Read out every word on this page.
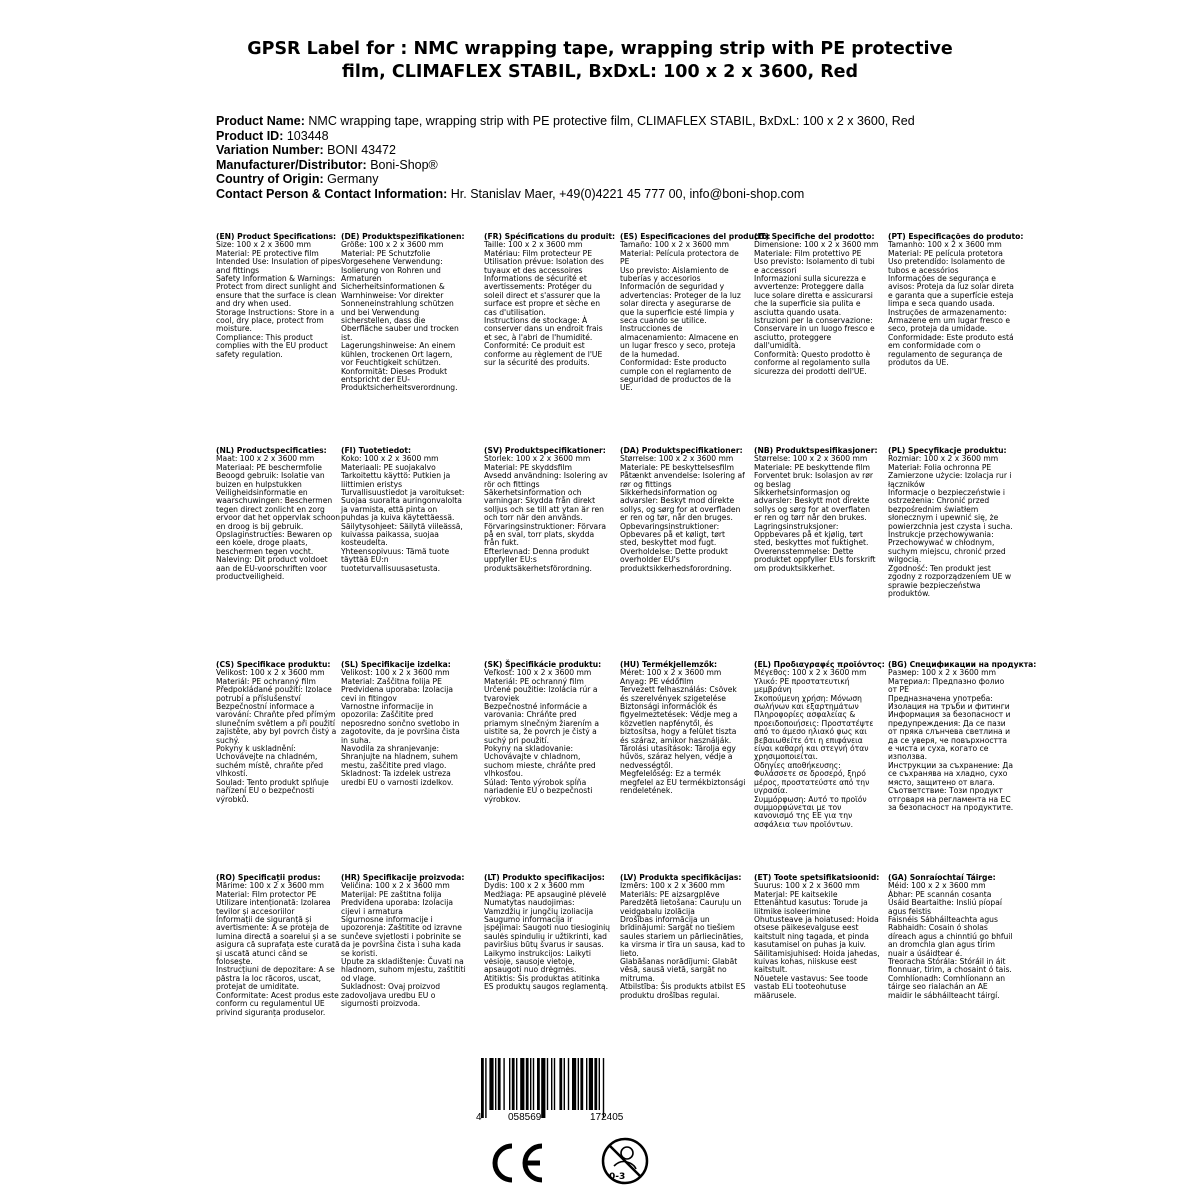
GPSR Label for : NMC wrapping tape, wrapping strip with PE protective film, CLIMAFLEX STABIL, BxDxL: 100 x 2 x 3600, Red
Product Name: NMC wrapping tape, wrapping strip with PE protective film, CLIMAFLEX STABIL, BxDxL: 100 x 2 x 3600, Red
Product ID: 103448
Variation Number: BONI 43472
Manufacturer/Distributor: Boni-Shop®
Country of Origin: Germany
Contact Person & Contact Information: Hr. Stanislav Maer, +49(0)4221 45 777 00, info@boni-shop.com
(EN) Product Specifications:
Size: 100 x 2 x 3600 mm
Material: PE protective film
Intended Use: Insulation of pipes and fittings
Safety Information & Warnings: Protect from direct sunlight and ensure that the surface is clean and dry when used.
Storage Instructions: Store in a cool, dry place, protect from moisture.
Compliance: This product complies with the EU product safety regulation.
(DE) Produktspezifikationen:
Größe: 100 x 2 x 3600 mm
Material: PE Schutzfolie
Vorgesehene Verwendung: Isolierung von Rohren und Armaturen
Sicherheitsinformationen & Warnhinweise: Vor direkter Sonneneinstrahlung schützen und bei Verwendung sicherstellen, dass die Oberfläche sauber und trocken ist.
Lagerungshinweise: An einem kühlen, trockenen Ort lagern, vor Feuchtigkeit schützen.
Konformität: Dieses Produkt entspricht der EU-Produktsicherheitsverordnung.
(FR) Spécifications du produit:
Taille: 100 x 2 x 3600 mm
Matériau: Film protecteur PE
Utilisation prévue: Isolation des tuyaux et des accessoires
Informations de sécurité et avertissements: Protéger du soleil direct et s'assurer que la surface est propre et sèche en cas d'utilisation.
Instructions de stockage: À conserver dans un endroit frais et sec, à l'abri de l'humidité.
Conformité: Ce produit est conforme au règlement de l'UE sur la sécurité des produits.
(ES) Especificaciones del producto:
Tamaño: 100 x 2 x 3600 mm
Material: Película protectora de PE
Uso previsto: Aislamiento de tuberías y accesorios
Información de seguridad y advertencias: Proteger de la luz solar directa y asegurarse de que la superficie esté limpia y seca cuando se utilice.
Instrucciones de almacenamiento: Almacene en un lugar fresco y seco, proteja de la humedad.
Conformidad: Este producto cumple con el reglamento de seguridad de productos de la UE.
(IT) Specifiche del prodotto:
Dimensione: 100 x 2 x 3600 mm
Materiale: Film protettivo PE
Uso previsto: Isolamento di tubi e accessori
Informazioni sulla sicurezza e avvertenze: Proteggere dalla luce solare diretta e assicurarsi che la superficie sia pulita e asciutta quando usata.
Istruzioni per la conservazione: Conservare in un luogo fresco e asciutto, proteggere dall'umidità.
Conformità: Questo prodotto è conforme al regolamento sulla sicurezza dei prodotti dell'UE.
(PT) Especificações do produto:
Tamanho: 100 x 2 x 3600 mm
Material: PE película protetora
Uso pretendido: Isolamento de tubos e acessórios
Informações de segurança e avisos: Proteja da luz solar direta e garanta que a superfície esteja limpa e seca quando usada.
Instruções de armazenamento: Armazene em um lugar fresco e seco, proteja da umidade.
Conformidade: Este produto está em conformidade com o regulamento de segurança de produtos da UE.
(NL) Productspecificaties:
Maat: 100 x 2 x 3600 mm
Materiaal: PE beschermfolie
Beoogd gebruik: Isolatie van buizen en hulpstukken
Veiligheidsinformatie en waarschuwingen: Beschermen tegen direct zonlicht en zorg ervoor dat het oppervlak schoon en droog is bij gebruik.
Opslaginstructies: Bewaren op een koele, droge plaats, beschermen tegen vocht.
Naleving: Dit product voldoet aan de EU-voorschriften voor productveiligheid.
(FI) Tuotetiedot:
Koko: 100 x 2 x 3600 mm
Materiaali: PE suojakalvo
Tarkoitettu käyttö: Putkien ja liittimien eristys
Turvallisuustiedot ja varoitukset: Suojaa suoralta auringonvalolta ja varmista, että pinta on puhdas ja kuiva käytettäessä.
Säilytysohjeet: Säilytä viileässä, kuivassa paikassa, suojaa kosteudelta.
Yhteensopivuus: Tämä tuote täyttää EU:n tuoteturvallisuusasetusta.
(SV) Produktspecifikationer:
Storlek: 100 x 2 x 3600 mm
Material: PE skyddsfilm
Avsedd användning: Isolering av rör och fittings
Säkerhetsinformation och varningar: Skydda från direkt solljus och se till att ytan är ren och torr när den används.
Förvaringsinstruktioner: Förvara på en sval, torr plats, skydda från fukt.
Efterlevnad: Denna produkt uppfyller EU:s produktsäkerhetsförordning.
(DA) Produktspecifikationer:
Størrelse: 100 x 2 x 3600 mm
Materiale: PE beskyttelsesfilm
Påtænkt anvendelse: Isolering af rør og fittings
Sikkerhedsinformation og advarsler: Beskyt mod direkte sollys, og sørg for at overfladen er ren og tør, når den bruges.
Opbevaringsinstruktioner: Opbevares på et køligt, tørt sted, beskyttet mod fugt.
Overholdelse: Dette produkt overholder EU's produktsikkerhedsforordning.
(NB) Produktspesifikasjoner:
Størrelse: 100 x 2 x 3600 mm
Materiale: PE beskyttende film
Forventet bruk: Isolasjon av rør og beslag
Sikkerhetsinformasjon og advarsler: Beskytt mot direkte sollys og sørg for at overflaten er ren og tørr når den brukes.
Lagringsinstruksjoner: Oppbevares på et kjølig, tørt sted, beskyttes mot fuktighet.
Overensstemmelse: Dette produktet oppfyller EUs forskrift om produktsikkerhet.
(PL) Specyfikacje produktu:
Rozmiar: 100 x 2 x 3600 mm
Materiał: Folia ochronna PE
Zamierzone użycie: Izolacja rur i łączników
Informacje o bezpieczeństwie i ostrzeżenia: Chronić przed bezpośrednim światłem słonecznym i upewnić się, że powierzchnia jest czysta i sucha.
Instrukcje przechowywania: Przechowywać w chłodnym, suchym miejscu, chronić przed wilgocią.
Zgodność: Ten produkt jest zgodny z rozporządzeniem UE w sprawie bezpieczeństwa produktów.
(CS) Specifikace produktu:
Velikost: 100 x 2 x 3600 mm
Materiál: PE ochranný film
Předpokládané použití: Izolace potrubí a příslušenství
Bezpečnostní informace a varování: Chraňte před přímým slunečním světlem a při použití zajistěte, aby byl povrch čistý a suchý.
Pokyny k uskladnění: Uchovávejte na chladném, suchém místě, chraňte před vlhkostí.
Soulad: Tento produkt splňuje nařízení EU o bezpečnosti výrobků.
(SL) Specifikacije izdelka:
Velikost: 100 x 2 x 3600 mm
Material: Zaščitna folija PE
Predvidena uporaba: Izolacija cevi in fitingov
Varnostne informacije in opozorila: Zaščitite pred neposredno sončno svetlobo in zagotovite, da je površina čista in suha.
Navodila za shranjevanje: Shranjujte na hladnem, suhem mestu, zaščitite pred vlago.
Skladnost: Ta izdelek ustreza uredbi EU o varnosti izdelkov.
(SK) Špecifikácie produktu:
Veľkosť: 100 x 2 x 3600 mm
Materiál: PE ochranný film
Určené použitie: Izolácia rúr a tvaroviek
Bezpečnostné informácie a varovania: Chráňte pred priamym slnečným žiarením a uistite sa, že povrch je čistý a suchý pri použití.
Pokyny na skladovanie: Uchovávajte v chladnom, suchom mieste, chráňte pred vlhkosťou.
Súlad: Tento výrobok spĺňa nariadenie EÚ o bezpečnosti výrobkov.
(HU) Termékjellemzők:
Méret: 100 x 2 x 3600 mm
Anyag: PE védőfilm
Tervezett felhasználás: Csövek és szerelvények szigetelése
Biztonsági információk és figyelmeztetések: Védje meg a közvetlen napfénytől, és biztosítsa, hogy a felület tiszta és száraz, amikor használják.
Tárolási utasítások: Tárolja egy hűvös, száraz helyen, védje a nedvességtől.
Megfelelőség: Ez a termék megfelel az EU termékbiztonsági rendeletének.
(EL) Προδιαγραφές προϊόντος:
Μέγεθος: 100 x 2 x 3600 mm
Υλικό: PE προστατευτική μεμβράνη
Σκοπούμενη χρήση: Μόνωση σωλήνων και εξαρτημάτων
Πληροφορίες ασφαλείας & προειδοποιήσεις: Προστατέψτε από το άμεσο ηλιακό φως και βεβαιωθείτε ότι η επιφάνεια είναι καθαρή και στεγνή όταν χρησιμοποιείται.
Οδηγίες αποθήκευσης: Φυλάσσετε σε δροσερό, ξηρό μέρος, προστατεύστε από την υγρασία.
Συμμόρφωση: Αυτό το προϊόν συμμορφώνεται με τον κανονισμό της ΕΕ για την ασφάλεια των προϊόντων.
(BG) Спецификации на продукта:
Размер: 100 x 2 x 3600 mm
Материал: Предпазно фолио от PE
Предназначена употреба: Изолация на тръби и фитинги
Информация за безопасност и предупреждения: Да се пази от пряка слънчева светлина и да се уверя, че повърхността е чиста и суха, когато се използва.
Инструкции за съхранение: Да се съхранява на хладно, сухо място, защитено от влага.
Съответствие: Този продукт отговаря на регламента на ЕС за безопасност на продуктите.
(RO) Specificații produs:
Mărime: 100 x 2 x 3600 mm
Material: Film protector PE
Utilizare intenționată: Izolarea țevilor și accesoriilor
Informații de siguranță și avertismente: A se proteja de lumina directă a soarelui și a se asigura că suprafața este curată și uscată atunci când se folosește.
Instrucțiuni de depozitare: A se păstra la loc răcoros, uscat, protejat de umiditate.
Conformitate: Acest produs este conform cu regulamentul UE privind siguranța produselor.
(HR) Specifikacije proizvoda:
Veličina: 100 x 2 x 3600 mm
Materijal: PE zaštitna folija
Predviđena uporaba: Izolacija cijevi i armatura
Sigurnosne informacije i upozorenja: Zaštitite od izravne sunčeve svjetlosti i pobrinite se da je površina čista i suha kada se koristi.
Upute za skladištenje: Čuvati na hladnom, suhom mjestu, zaštititi od vlage.
Sukladnost: Ovaj proizvod zadovoljava uredbu EU o sigurnosti proizvoda.
(LT) Produkto specifikacijos:
Dydis: 100 x 2 x 3600 mm
Medžiaga: PE apsauginė plėvelė
Numatytas naudojimas: Vamzdžių ir jungčių izoliacija
Saugumo informacija ir įspėjimai: Saugoti nuo tiesioginių saulės spindulių ir užtikrinti, kad paviršius būtų švarus ir sausas.
Laikymo instrukcijos: Laikyti vėsioje, sausoje vietoje, apsaugoti nuo drėgmės.
Atitiktis: Šis produktas atitinka ES produktų saugos reglamentą.
(LV) Produkta specifikācijas:
Izmērs: 100 x 2 x 3600 mm
Materiāls: PE aizsargplēve
Paredzētā lietošana: Cauruļu un veidgabalu izolācija
Drošības informācija un brīdinājumi: Sargāt no tiešiem saules stariem un pārliecināties, ka virsma ir tīra un sausa, kad to lieto.
Glabāšanas norādījumi: Glabāt vēsā, sausā vietā, sargāt no mitruma.
Atbilstība: Šis produkts atbilst ES produktu drošības regulai.
(ET) Toote spetsifikatsioonid:
Suurus: 100 x 2 x 3600 mm
Materjal: PE kaitsekile
Ettenähtud kasutus: Torude ja liitmike isoleerimine
Ohutusteave ja hoiatused: Hoida otsese päikesevalguse eest kaitstult ning tagada, et pinda kasutamisel on puhas ja kuiv.
Säilitamisjuhised: Hoida jahedas, kuivas kohas, niiskuse eest kaitstult.
Nõuetele vastavus: See toode vastab ELi tooteohutuse määrusele.
(GA) Sonraíochtaí Táirge:
Méid: 100 x 2 x 3600 mm
Ábhar: PE scannán cosanta
Úsáid Beartaithe: Insliú píopaí agus feistis
Faisnéis Sábháilteachta agus Rabhaidh: Cosain ó sholas díreach agus a chinntiú go bhfuil an dromchla glan agus tirim nuair a úsáidtear é.
Treoracha Stórála: Stóráil in áit fionnuar, tirim, a chosaint ó tais.
Comhlíonadh: Comhlíonann an táirge seo rialachán an AE maidir le sábháilteacht táirgí.
4	058569	172405
0-3
